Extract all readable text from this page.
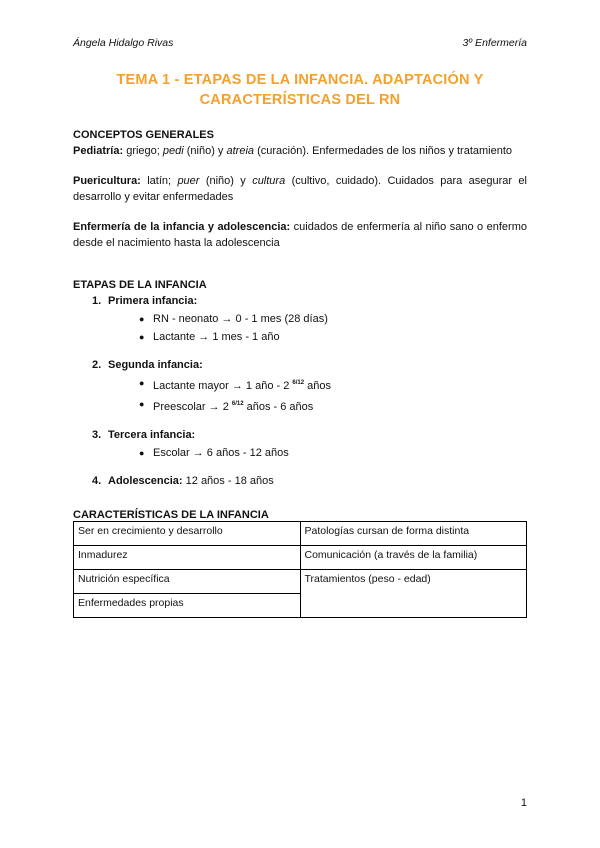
Ángela Hidalgo Rivas	3º Enfermería
TEMA 1 - ETAPAS DE LA INFANCIA. ADAPTACIÓN Y CARACTERÍSTICAS DEL RN
CONCEPTOS GENERALES

Pediatría: griego; pedi (niño) y atreia (curación). Enfermedades de los niños y tratamiento

Puericultura: latín; puer (niño) y cultura (cultivo, cuidado). Cuidados para asegurar el desarrollo y evitar enfermedades

Enfermería de la infancia y adolescencia: cuidados de enfermería al niño sano o enfermo desde el nacimiento hasta la adolescencia

ETAPAS DE LA INFANCIA
1. Primera infancia:
● RN - neonato → 0 - 1 mes (28 días)
● Lactante → 1 mes - 1 año
2. Segunda infancia:
● Lactante mayor → 1 año - 2 $^{6/12}$ años
● Preescolar → 2 $^{6/12}$ años - 6 años
3. Tercera infancia:
● Escolar → 6 años - 12 años
4. Adolescencia: 12 años - 18 años
CARACTERÍSTICAS DE LA INFANCIA
Ser en crecimiento y desarrollo	Patologías cursan de forma distinta
Inmadurez	Comunicación (a través de la familia)
Nutrición específica	Tratamientos (peso - edad)
Enfermedades propias	
1
